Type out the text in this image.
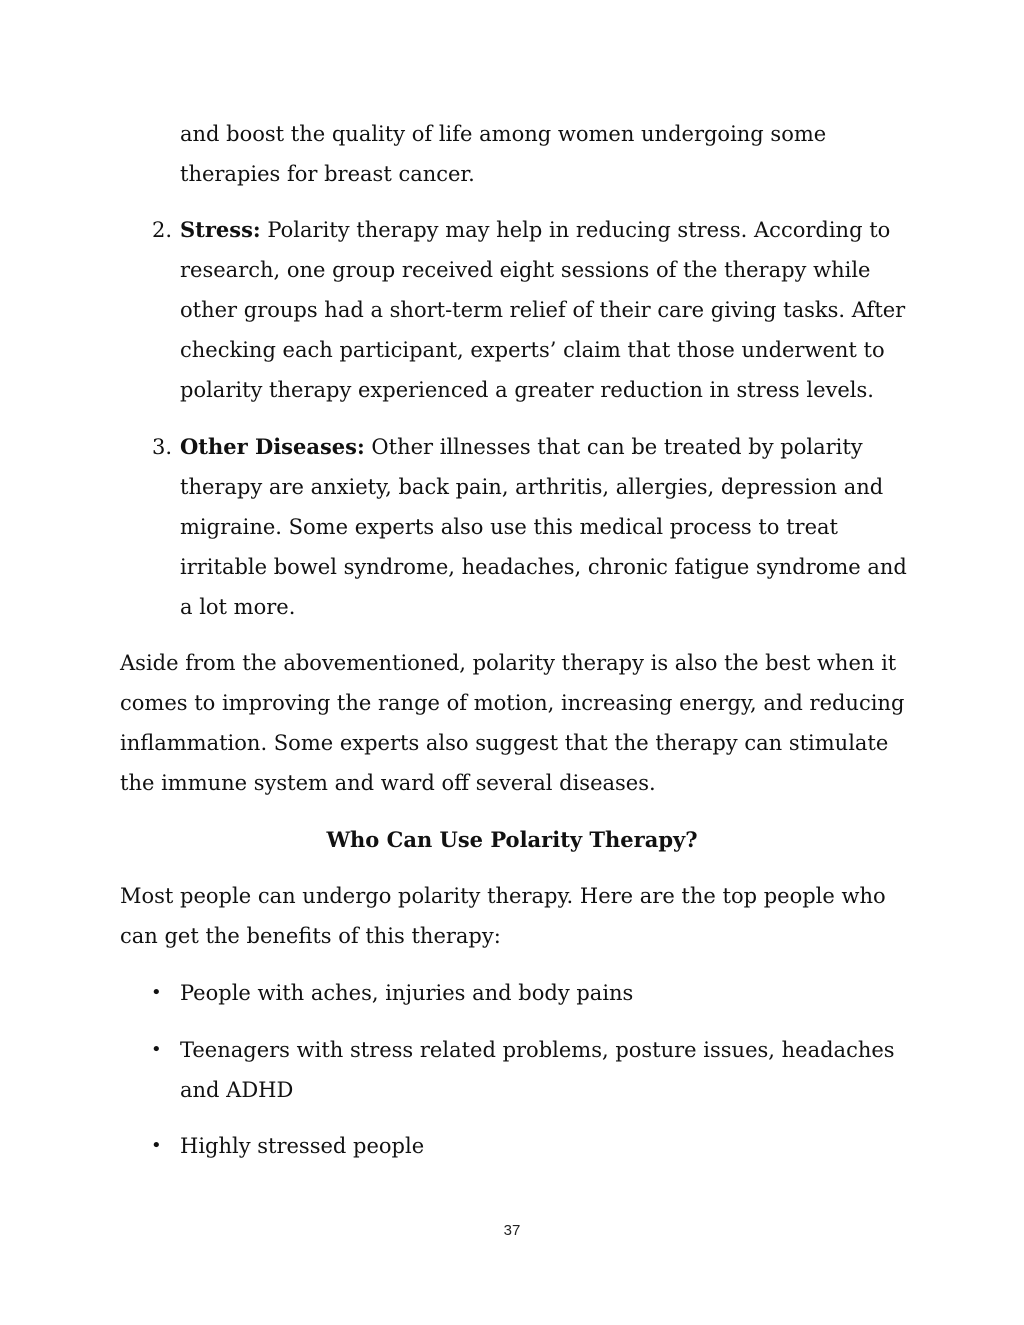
and boost the quality of life among women undergoing some therapies for breast cancer.
2. Stress: Polarity therapy may help in reducing stress. According to research, one group received eight sessions of the therapy while other groups had a short-term relief of their care giving tasks. After checking each participant, experts’ claim that those underwent to polarity therapy experienced a greater reduction in stress levels.
3. Other Diseases: Other illnesses that can be treated by polarity therapy are anxiety, back pain, arthritis, allergies, depression and migraine. Some experts also use this medical process to treat irritable bowel syndrome, headaches, chronic fatigue syndrome and a lot more.

Aside from the abovementioned, polarity therapy is also the best when it comes to improving the range of motion, increasing energy, and reducing inflammation. Some experts also suggest that the therapy can stimulate the immune system and ward off several diseases.

Who Can Use Polarity Therapy?

Most people can undergo polarity therapy. Here are the top people who can get the benefits of this therapy:

• People with aches, injuries and body pains
• Teenagers with stress related problems, posture issues, headaches and ADHD
• Highly stressed people
37
